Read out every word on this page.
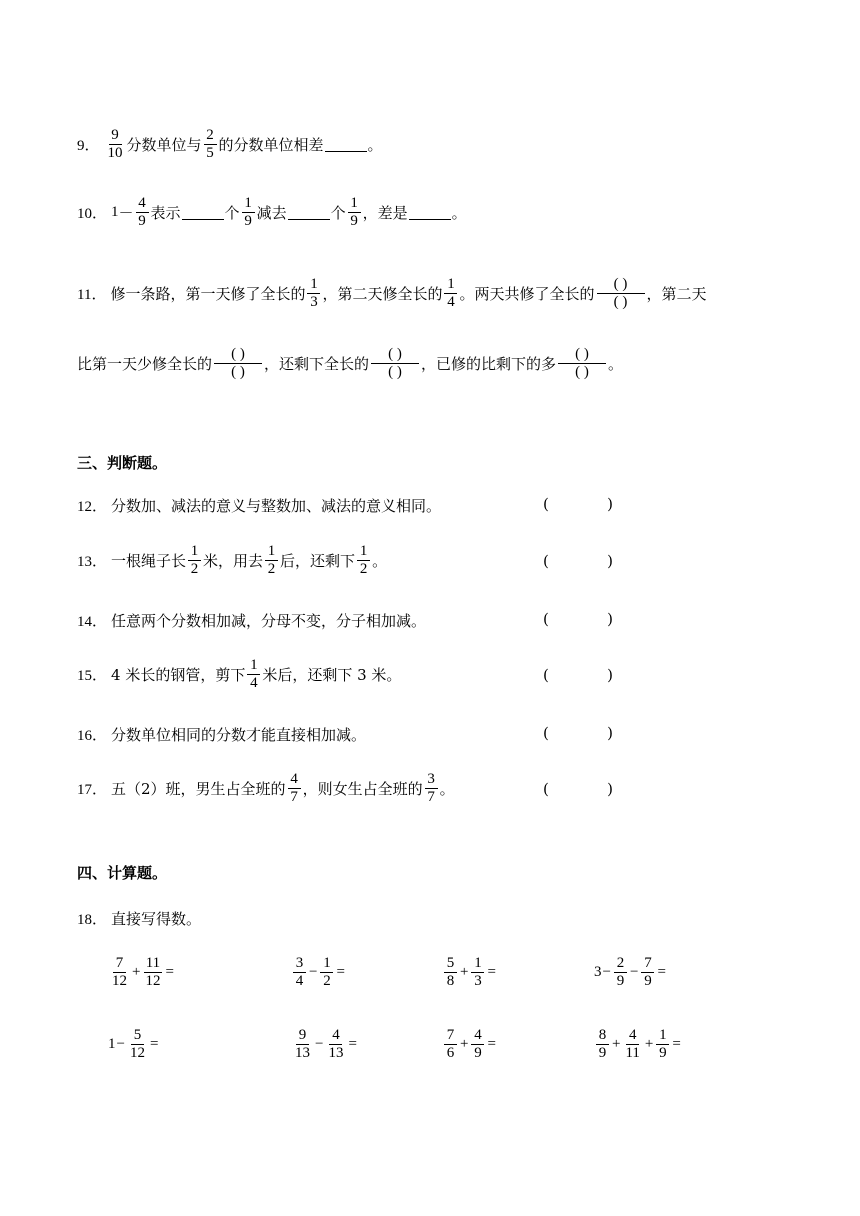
9． $\frac{9}{10}$ 分数单位与 $\frac{2}{5}$ 的分数单位相差	。
10． $1 - \frac{4}{9}$ 表示	个 $\frac{1}{9}$ 减去	个 $\frac{1}{9}$ ，差是	。
11． 修一条路，第一天修了全长的 $\frac{1}{3}$ ，第二天修全长的 $\frac{1}{4}$ 。两天共修了全长的 $\frac{( )}{( )}$ ，第二天
比第一天少修全长的 $\frac{( )}{( )}$ ，还剩下全长的 $\frac{( )}{( )}$ ，已修的比剩下的多 $\frac{( )}{( )}$ 。
三、判断题。
12． 分数加、减法的意义与整数加、减法的意义相同。	(	)
13． 一根绳子长 $\frac{1}{2}$ 米，用去 $\frac{1}{2}$ 后，还剩下 $\frac{1}{2}$ 。	(	)
14． 任意两个分数相加减，分母不变，分子相加减。	(	)
15． 4 米长的钢管，剪下 $\frac{1}{4}$ 米后，还剩下 3 米。	(	)
16． 分数单位相同的分数才能直接相加减。	(	)
17． 五（2）班，男生占全班的 $\frac{4}{7}$ ，则女生占全班的 $\frac{3}{7}$ 。	(	)
四、计算题。
18． 直接写得数。
$\frac{7}{12} + \frac{11}{12}$ =	$\frac{3}{4} - \frac{1}{2}$ =	$\frac{5}{8} + \frac{1}{3}$ =	$3 - \frac{2}{9} - \frac{7}{9}$ =
$1 - \frac{5}{12}$ =	$\frac{9}{13} - \frac{4}{13}$ =	$\frac{7}{6} + \frac{4}{9}$ =	$\frac{8}{9} + \frac{4}{11} + \frac{1}{9}$ =
